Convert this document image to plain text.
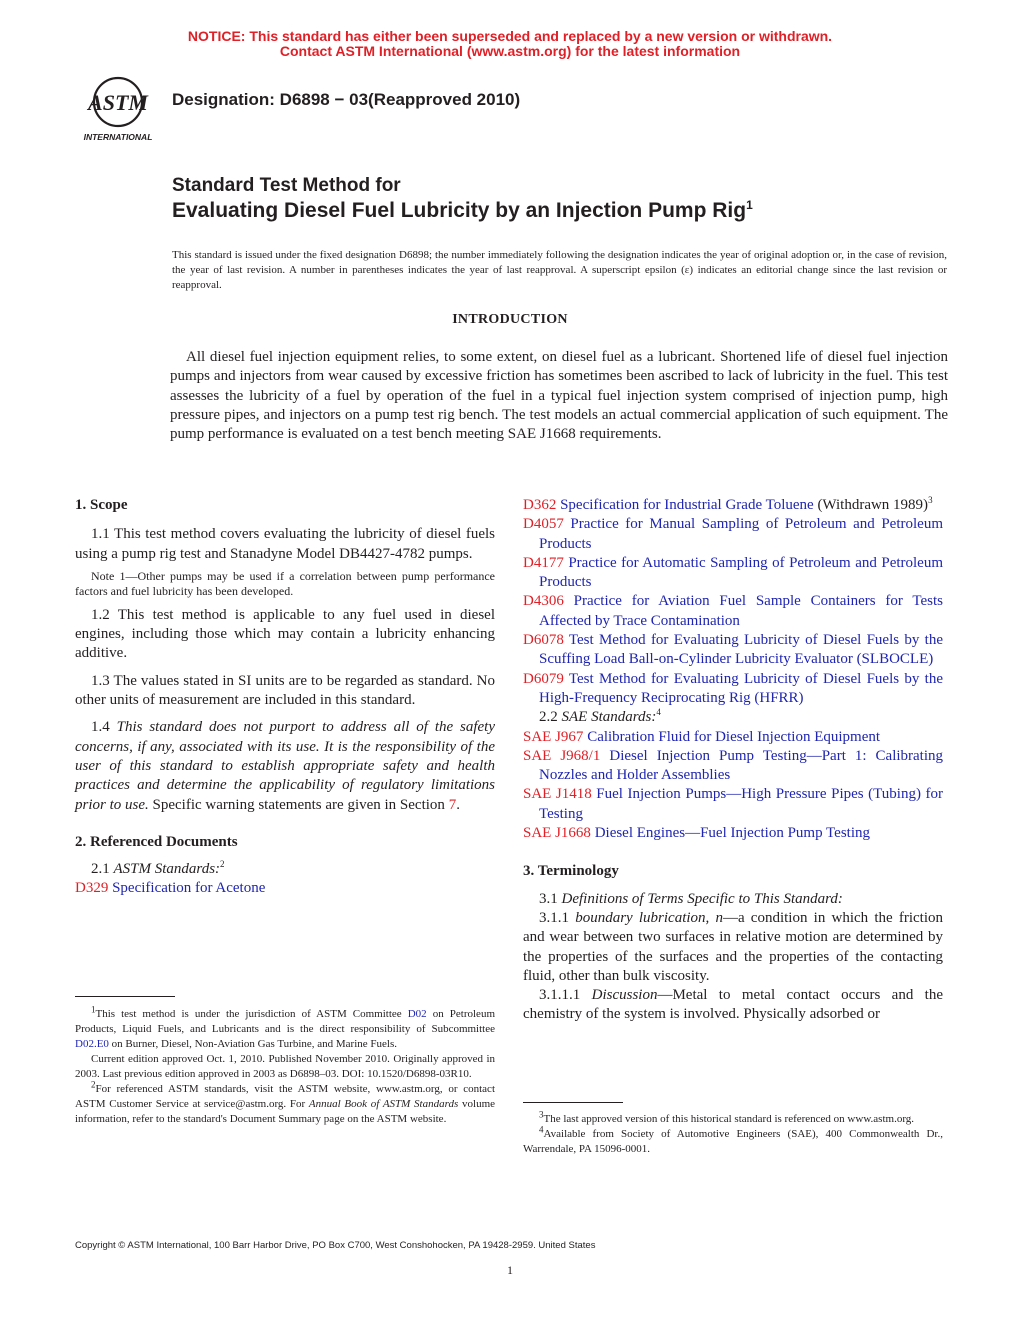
NOTICE: This standard has either been superseded and replaced by a new version or withdrawn.
Contact ASTM International (www.astm.org) for the latest information
ASTM
INTERNATIONAL
Designation: D6898 − 03(Reapproved 2010)
Standard Test Method for
Evaluating Diesel Fuel Lubricity by an Injection Pump Rig$^1$
This standard is issued under the fixed designation D6898; the number immediately following the designation indicates the year of original adoption or, in the case of revision, the year of last revision. A number in parentheses indicates the year of last reapproval. A superscript epsilon (ε) indicates an editorial change since the last revision or reapproval.
INTRODUCTION
All diesel fuel injection equipment relies, to some extent, on diesel fuel as a lubricant. Shortened life of diesel fuel injection pumps and injectors from wear caused by excessive friction has sometimes been ascribed to lack of lubricity in the fuel. This test assesses the lubricity of a fuel by operation of the fuel in a typical fuel injection system comprised of injection pump, high pressure pipes, and injectors on a pump test rig bench. The test models an actual commercial application of such equipment. The pump performance is evaluated on a test bench meeting SAE J1668 requirements.

1. Scope

1.1 This test method covers evaluating the lubricity of diesel fuels using a pump rig test and Stanadyne Model DB4427-4782 pumps.

Note 1—Other pumps may be used if a correlation between pump performance factors and fuel lubricity has been developed.

1.2 This test method is applicable to any fuel used in diesel engines, including those which may contain a lubricity enhancing additive.

1.3 The values stated in SI units are to be regarded as standard. No other units of measurement are included in this standard.

1.4 This standard does not purport to address all of the safety concerns, if any, associated with its use. It is the responsibility of the user of this standard to establish appropriate safety and health practices and determine the applicability of regulatory limitations prior to use. Specific warning statements are given in Section 7.

2. Referenced Documents

2.1 ASTM Standards:$^2$

D329 Specification for Acetone

$^1$This test method is under the jurisdiction of ASTM Committee D02 on Petroleum Products, Liquid Fuels, and Lubricants and is the direct responsibility of Subcommittee D02.E0 on Burner, Diesel, Non-Aviation Gas Turbine, and Marine Fuels.

Current edition approved Oct. 1, 2010. Published November 2010. Originally approved in 2003. Last previous edition approved in 2003 as D6898–03. DOI: 10.1520/D6898-03R10.

$^2$For referenced ASTM standards, visit the ASTM website, www.astm.org, or contact ASTM Customer Service at service@astm.org. For Annual Book of ASTM Standards volume information, refer to the standard's Document Summary page on the ASTM website.

D362 Specification for Industrial Grade Toluene (Withdrawn 1989)$^3$

D4057 Practice for Manual Sampling of Petroleum and Petroleum Products

D4177 Practice for Automatic Sampling of Petroleum and Petroleum Products

D4306 Practice for Aviation Fuel Sample Containers for Tests Affected by Trace Contamination

D6078 Test Method for Evaluating Lubricity of Diesel Fuels by the Scuffing Load Ball-on-Cylinder Lubricity Evaluator (SLBOCLE)

D6079 Test Method for Evaluating Lubricity of Diesel Fuels by the High-Frequency Reciprocating Rig (HFRR)

2.2 SAE Standards:$^4$

SAE J967 Calibration Fluid for Diesel Injection Equipment

SAE J968/1 Diesel Injection Pump Testing—Part 1: Calibrating Nozzles and Holder Assemblies

SAE J1418 Fuel Injection Pumps—High Pressure Pipes (Tubing) for Testing

SAE J1668 Diesel Engines—Fuel Injection Pump Testing

3. Terminology

3.1 Definitions of Terms Specific to This Standard:

3.1.1 boundary lubrication, n—a condition in which the friction and wear between two surfaces in relative motion are determined by the properties of the surfaces and the properties of the contacting fluid, other than bulk viscosity.

3.1.1.1 Discussion—Metal to metal contact occurs and the chemistry of the system is involved. Physically adsorbed or

$^3$The last approved version of this historical standard is referenced on www.astm.org.

$^4$Available from Society of Automotive Engineers (SAE), 400 Commonwealth Dr., Warrendale, PA 15096-0001.

Copyright © ASTM International, 100 Barr Harbor Drive, PO Box C700, West Conshohocken, PA 19428-2959. United States
1
